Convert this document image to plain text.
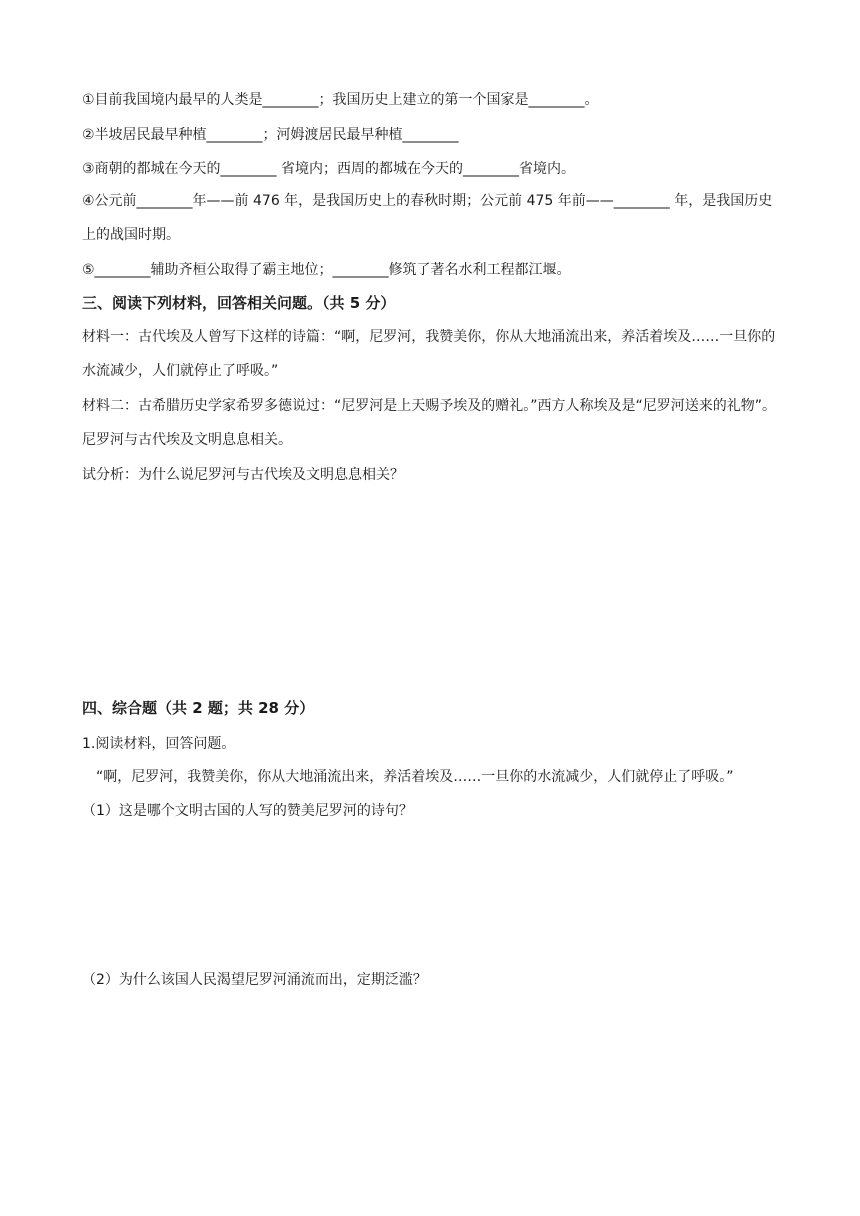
①目前我国境内最早的人类是________；我国历史上建立的第一个国家是________。
②半坡居民最早种植________；河姆渡居民最早种植________
③商朝的都城在今天的________ 省境内；西周的都城在今天的________省境内。
④公元前________年——前 476 年，是我国历史上的春秋时期；公元前 475 年前——________ 年，是我国历史上的战国时期。
⑤________辅助齐桓公取得了霸主地位；________修筑了著名水利工程都江堰。
三、阅读下列材料，回答相关问题。（共 5 分）
材料一：古代埃及人曾写下这样的诗篇：“啊，尼罗河，我赞美你，你从大地涌流出来，养活着埃及……一旦你的水流减少，人们就停止了呼吸。”
材料二：古希腊历史学家希罗多德说过：“尼罗河是上天赐予埃及的赠礼。”西方人称埃及是“尼罗河送来的礼物”。尼罗河与古代埃及文明息息相关。
试分析：为什么说尼罗河与古代埃及文明息息相关？
四、综合题（共 2 题；共 28 分）
1.阅读材料，回答问题。
“啊，尼罗河，我赞美你，你从大地涌流出来，养活着埃及……一旦你的水流减少，人们就停止了呼吸。”
（1）这是哪个文明古国的人写的赞美尼罗河的诗句？
（2）为什么该国人民渴望尼罗河涌流而出，定期泛滥？
